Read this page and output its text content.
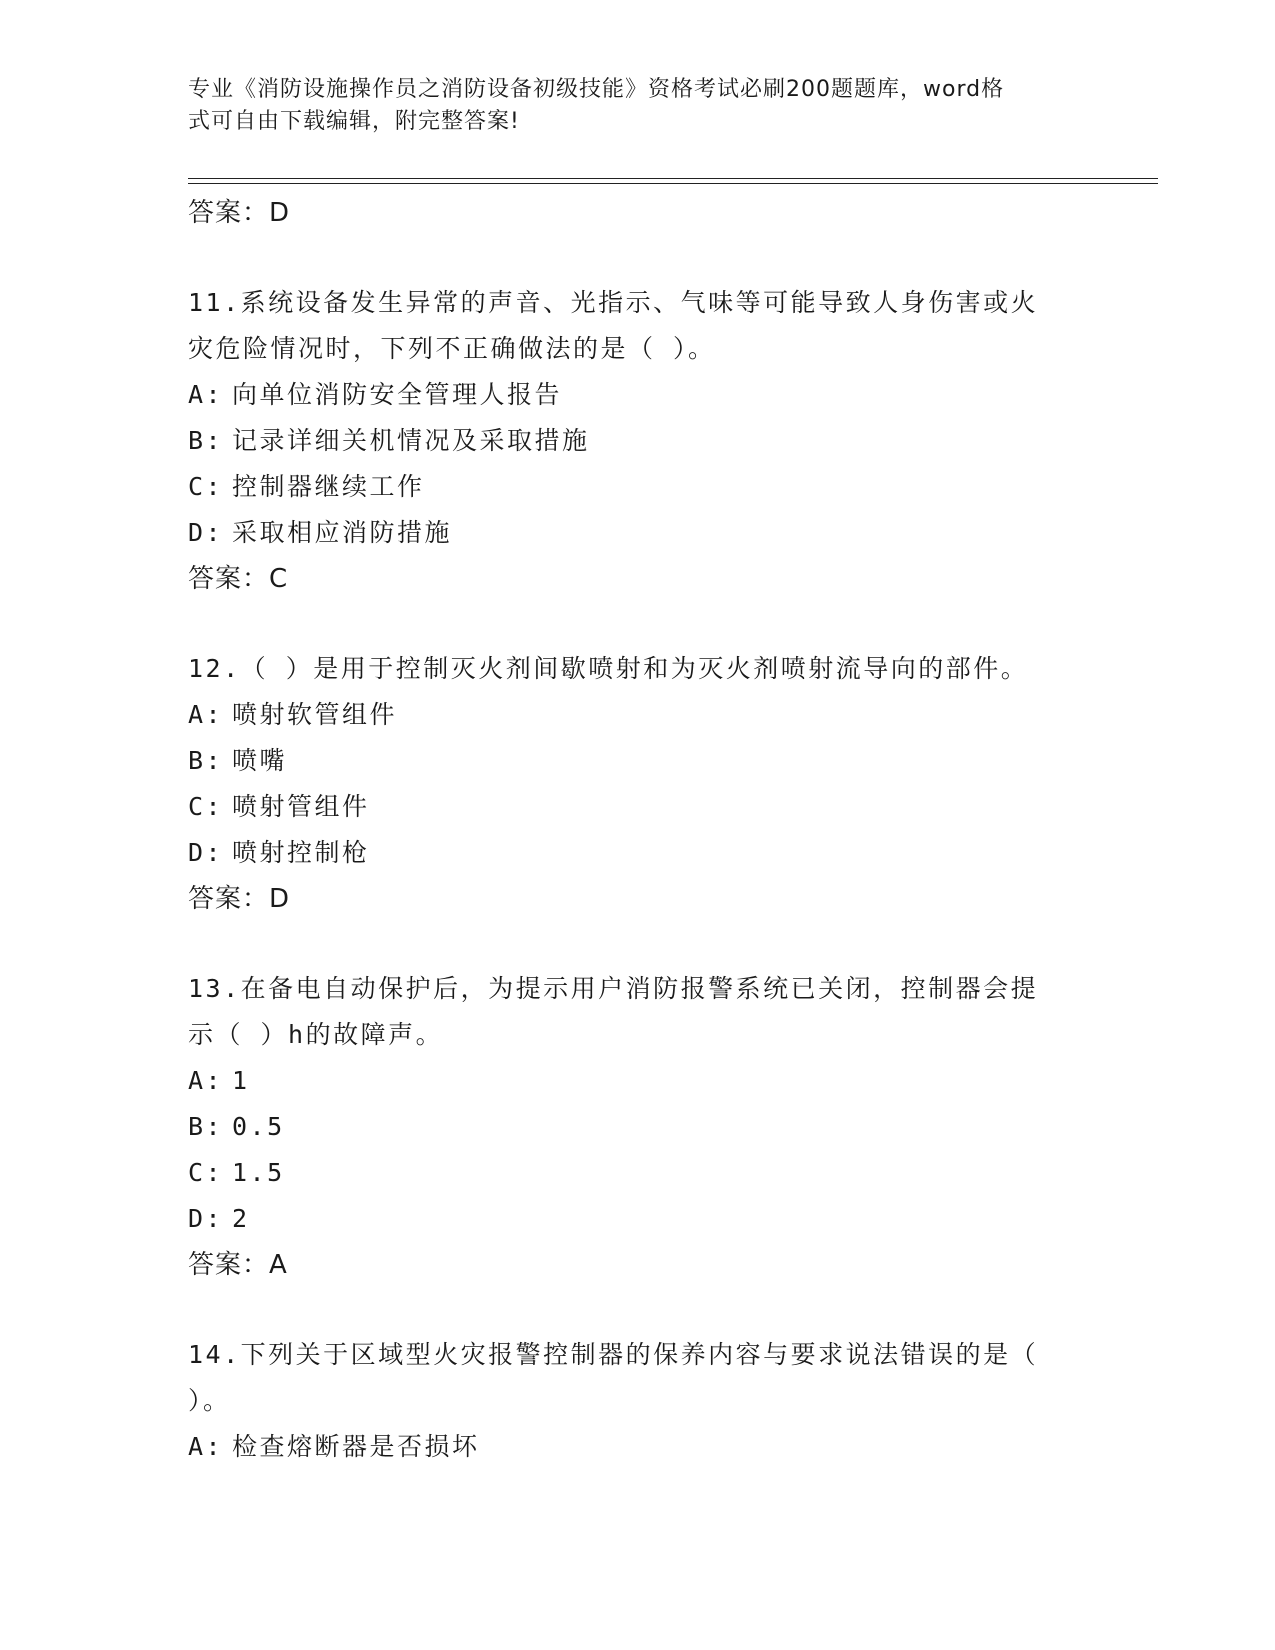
专业《消防设施操作员之消防设备初级技能》资格考试必刷200题题库，word格
式可自由下载编辑，附完整答案!
答案：D
11.系统设备发生异常的声音、光指示、气味等可能导致人身伤害或火
灾危险情况时，下列不正确做法的是（ ）。
A: 向单位消防安全管理人报告
B: 记录详细关机情况及采取措施
C: 控制器继续工作
D: 采取相应消防措施
答案：C
12.（ ）是用于控制灭火剂间歇喷射和为灭火剂喷射流导向的部件。
A: 喷射软管组件
B: 喷嘴
C: 喷射管组件
D: 喷射控制枪
答案：D
13.在备电自动保护后，为提示用户消防报警系统已关闭，控制器会提
示（ ）h的故障声。
A: 1
B: 0.5
C: 1.5
D: 2
答案：A
14.下列关于区域型火灾报警控制器的保养内容与要求说法错误的是（
）。
A: 检查熔断器是否损坏
